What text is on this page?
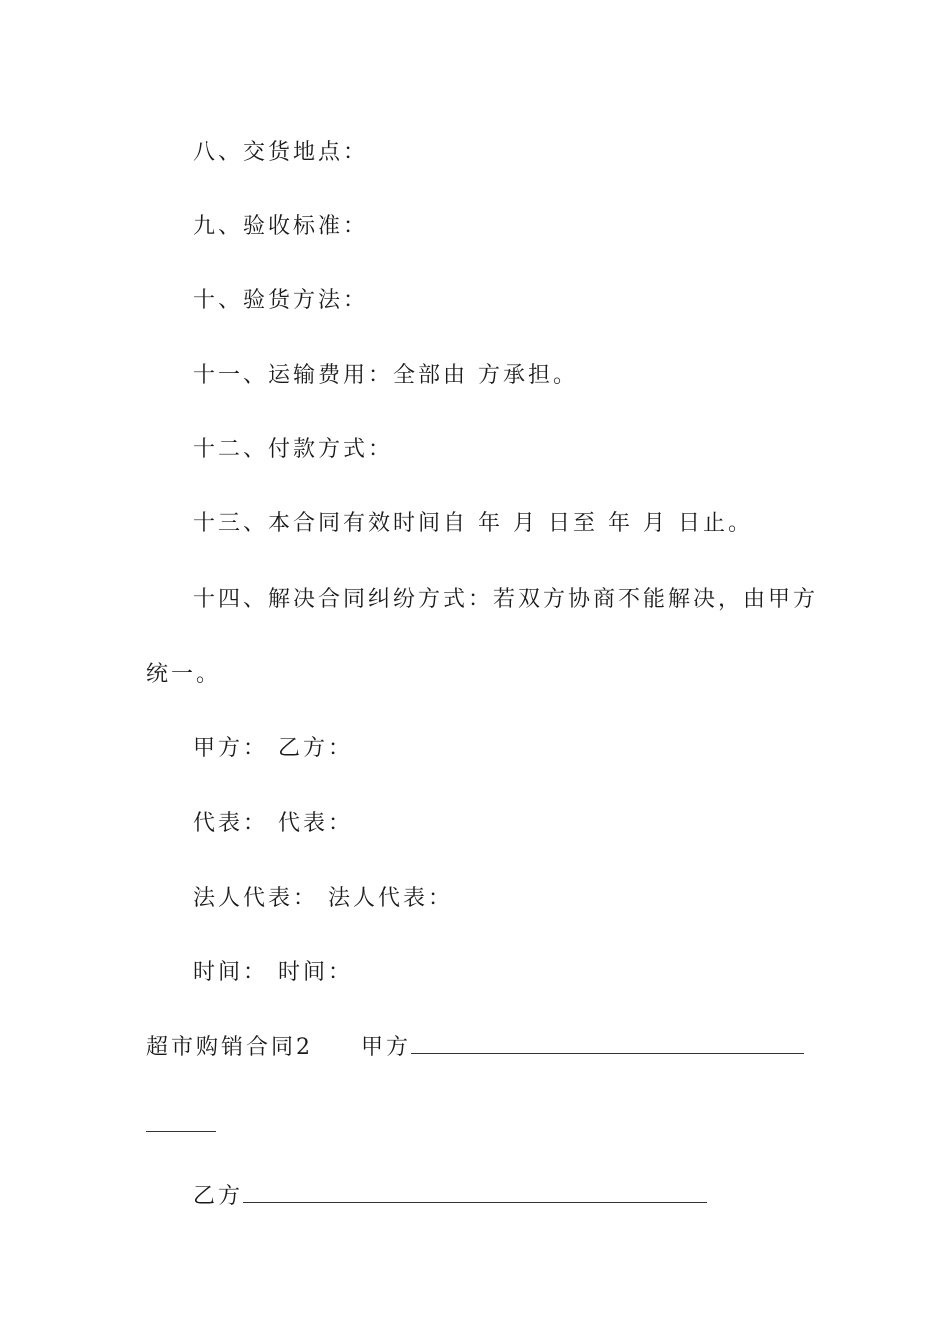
八、交货地点：

九、验收标准：

十、验货方法：

十一、运输费用：全部由 方承担。

十二、付款方式：

十三、本合同有效时间自 年 月 日至 年 月 日止。

十四、解决合同纠纷方式：若双方协商不能解决，由甲方

统一。

甲方： 乙方：

代表： 代表：

法人代表： 法人代表：

时间： 时间：

超市购销合同2 甲方

乙方
